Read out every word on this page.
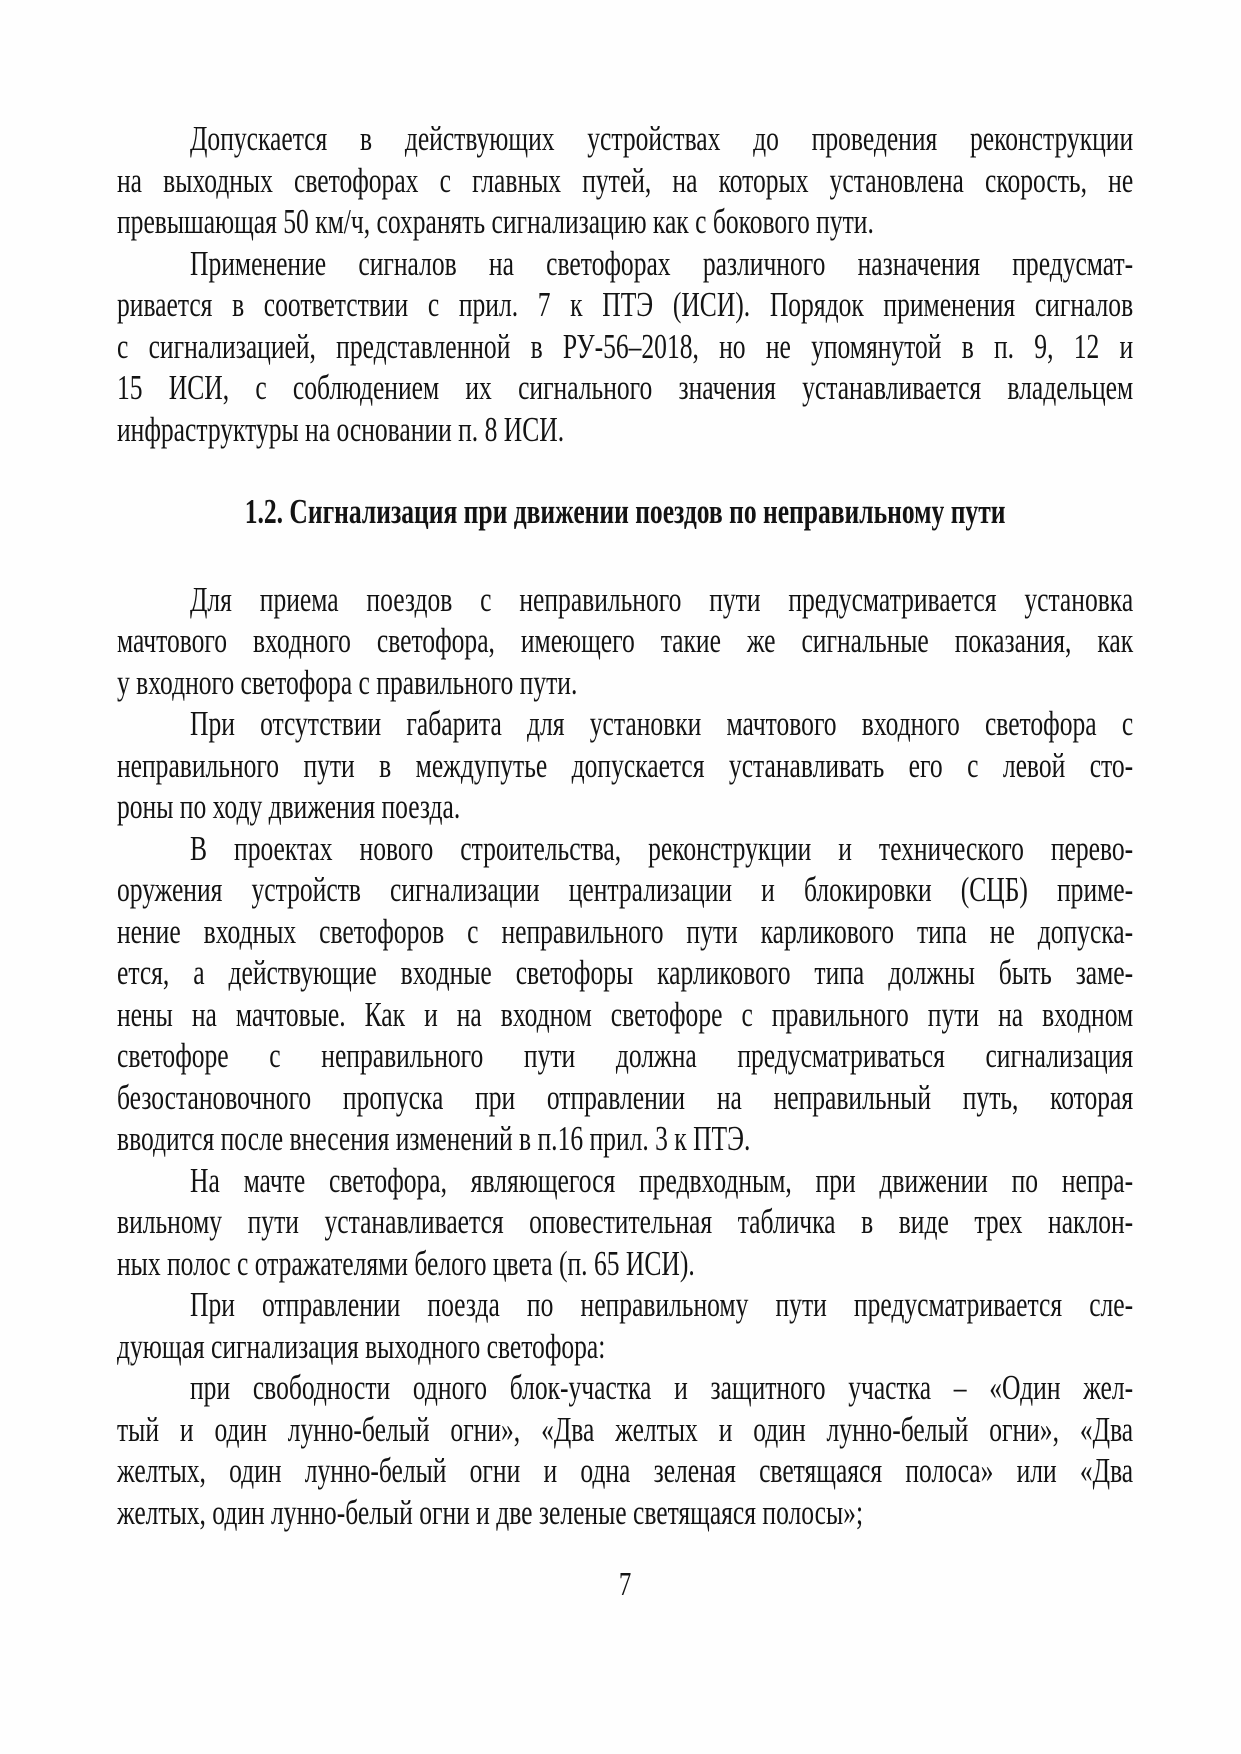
Допускается в действующих устройствах до проведения реконструкции
на выходных светофорах с главных путей, на которых установлена скорость, не
превышающая 50 км/ч, сохранять сигнализацию как с бокового пути.
Применение сигналов на светофорах различного назначения предусмат-
ривается в соответствии с прил. 7 к ПТЭ (ИСИ). Порядок применения сигналов
с сигнализацией, представленной в РУ-56–2018, но не упомянутой в п. 9, 12 и
15 ИСИ, с соблюдением их сигнального значения устанавливается владельцем
инфраструктуры на основании п. 8 ИСИ.
1.2. Сигнализация при движении поездов по неправильному пути
Для приема поездов с неправильного пути предусматривается установка
мачтового входного светофора, имеющего такие же сигнальные показания, как
у входного светофора с правильного пути.
При отсутствии габарита для установки мачтового входного светофора с
неправильного пути в междупутье допускается устанавливать его с левой сто-
роны по ходу движения поезда.
В проектах нового строительства, реконструкции и технического перево-
оружения устройств сигнализации централизации и блокировки (СЦБ) приме-
нение входных светофоров с неправильного пути карликового типа не допуска-
ется, а действующие входные светофоры карликового типа должны быть заме-
нены на мачтовые. Как и на входном светофоре с правильного пути на входном
светофоре с неправильного пути должна предусматриваться сигнализация
безостановочного пропуска при отправлении на неправильный путь, которая
вводится после внесения изменений в п.16 прил. 3 к ПТЭ.
На мачте светофора, являющегося предвходным, при движении по непра-
вильному пути устанавливается оповестительная табличка в виде трех наклон-
ных полос с отражателями белого цвета (п. 65 ИСИ).
При отправлении поезда по неправильному пути предусматривается сле-
дующая сигнализация выходного светофора:
при свободности одного блок-участка и защитного участка – «Один жел-
тый и один лунно-белый огни», «Два желтых и один лунно-белый огни», «Два
желтых, один лунно-белый огни и одна зеленая светящаяся полоса» или «Два
желтых, один лунно-белый огни и две зеленые светящаяся полосы»;
7
